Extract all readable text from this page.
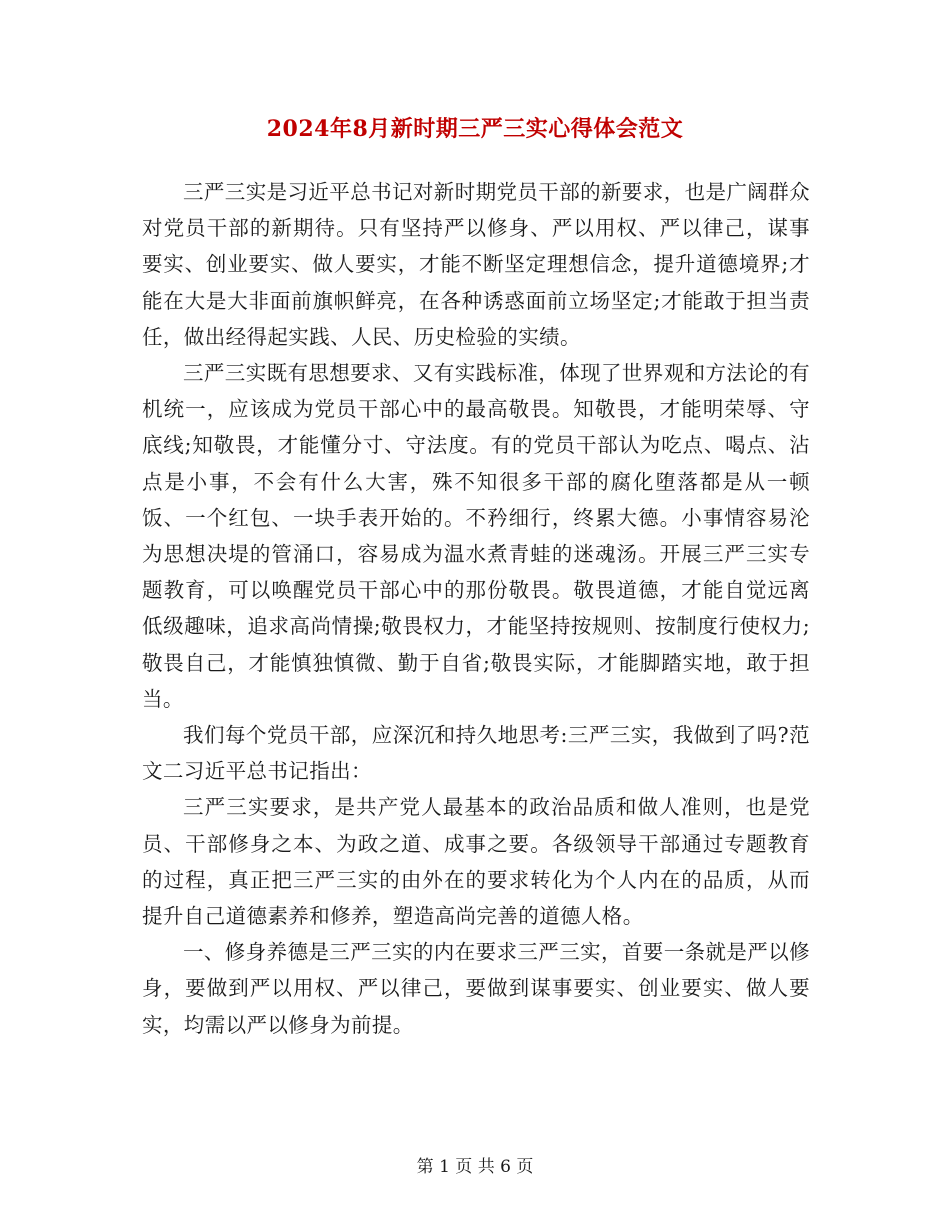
2024年8月新时期三严三实心得体会范文

三严三实是习近平总书记对新时期党员干部的新要求，也是广阔群众对党员干部的新期待。只有坚持严以修身、严以用权、严以律己，谋事要实、创业要实、做人要实，才能不断坚定理想信念，提升道德境界;才能在大是大非面前旗帜鲜亮，在各种诱惑面前立场坚定;才能敢于担当责任，做出经得起实践、人民、历史检验的实绩。

三严三实既有思想要求、又有实践标准，体现了世界观和方法论的有机统一，应该成为党员干部心中的最高敬畏。知敬畏，才能明荣辱、守底线;知敬畏，才能懂分寸、守法度。有的党员干部认为吃点、喝点、沾点是小事，不会有什么大害，殊不知很多干部的腐化堕落都是从一顿饭、一个红包、一块手表开始的。不矜细行，终累大德。小事情容易沦为思想决堤的管涌口，容易成为温水煮青蛙的迷魂汤。开展三严三实专题教育，可以唤醒党员干部心中的那份敬畏。敬畏道德，才能自觉远离低级趣味，追求高尚情操;敬畏权力，才能坚持按规则、按制度行使权力;敬畏自己，才能慎独慎微、勤于自省;敬畏实际，才能脚踏实地，敢于担当。

我们每个党员干部，应深沉和持久地思考:三严三实，我做到了吗?范文二习近平总书记指出：

三严三实要求，是共产党人最基本的政治品质和做人准则，也是党员、干部修身之本、为政之道、成事之要。各级领导干部通过专题教育的过程，真正把三严三实的由外在的要求转化为个人内在的品质，从而提升自己道德素养和修养，塑造高尚完善的道德人格。

一、修身养德是三严三实的内在要求三严三实，首要一条就是严以修身，要做到严以用权、严以律己，要做到谋事要实、创业要实、做人要实，均需以严以修身为前提。

第 1 页 共 6 页
